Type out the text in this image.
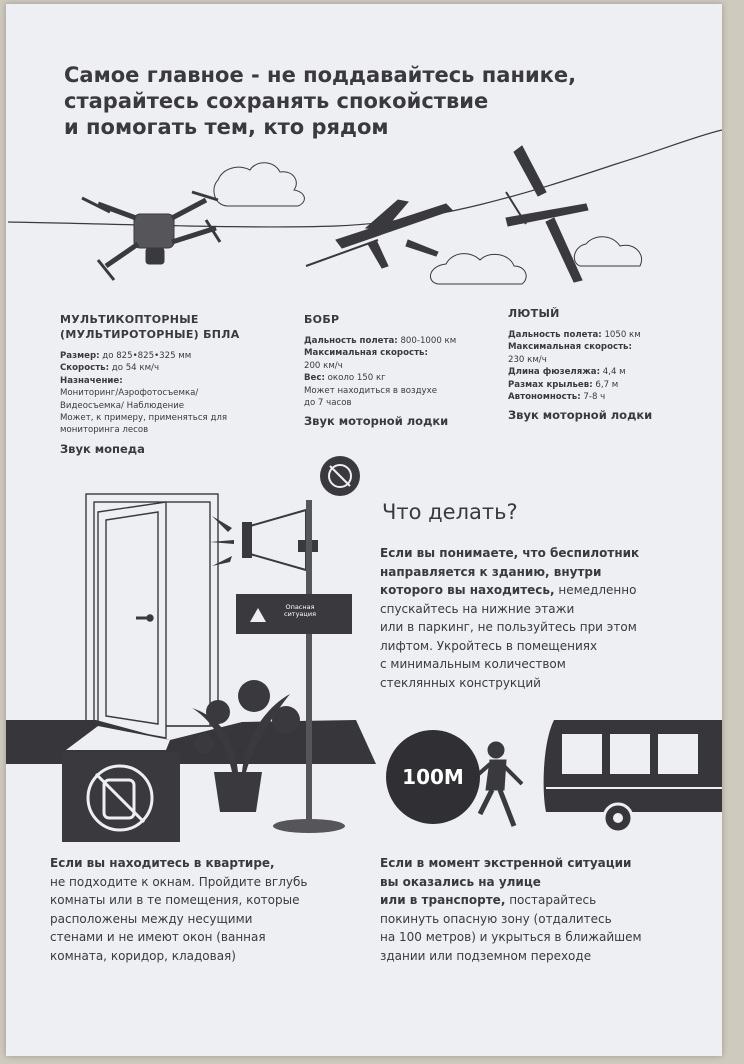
Самое главное - не поддавайтесь панике,
старайтесь сохранять спокойствие
и помогать тем, кто рядом
МУЛЬТИКОПТОРНЫЕ
(МУЛЬТИРОТОРНЫЕ) БПЛА
Размер: до 825•825•325 мм
Скорость: до 54 км/ч
Назначение:
Мониторинг/Аэрофотосъемка/
Видеосъемка/ Наблюдение
Может, к примеру, применяться для
мониторинга лесов
Звук мопеда
БОБР
Дальность полета: 800-1000 км
Максимальная скорость:
200 км/ч
Вес: около 150 кг
Может находиться в воздухе
до 7 часов
Звук моторной лодки
ЛЮТЫЙ
Дальность полета: 1050 км
Максимальная скорость:
230 км/ч
Длина фюзеляжа: 4,4 м
Размах крыльев: 6,7 м
Автономность: 7-8 ч
Звук моторной лодки
Опасная
ситуация
Что делать?
Если вы понимаете, что беспилотник
направляется к зданию, внутри
которого вы находитесь, немедленно
спускайтесь на нижние этажи
или в паркинг, не пользуйтесь при этом
лифтом. Укройтесь в помещениях
с минимальным количеством
стеклянных конструкций
100М
Если вы находитесь в квартире,
не подходите к окнам. Пройдите вглубь
комнаты или в те помещения, которые
расположены между несущими
стенами и не имеют окон (ванная
комната, коридор, кладовая)
Если в момент экстренной ситуации
вы оказались на улице
или в транспорте, постарайтесь
покинуть опасную зону (отдалитесь
на 100 метров) и укрыться в ближайшем
здании или подземном переходе
